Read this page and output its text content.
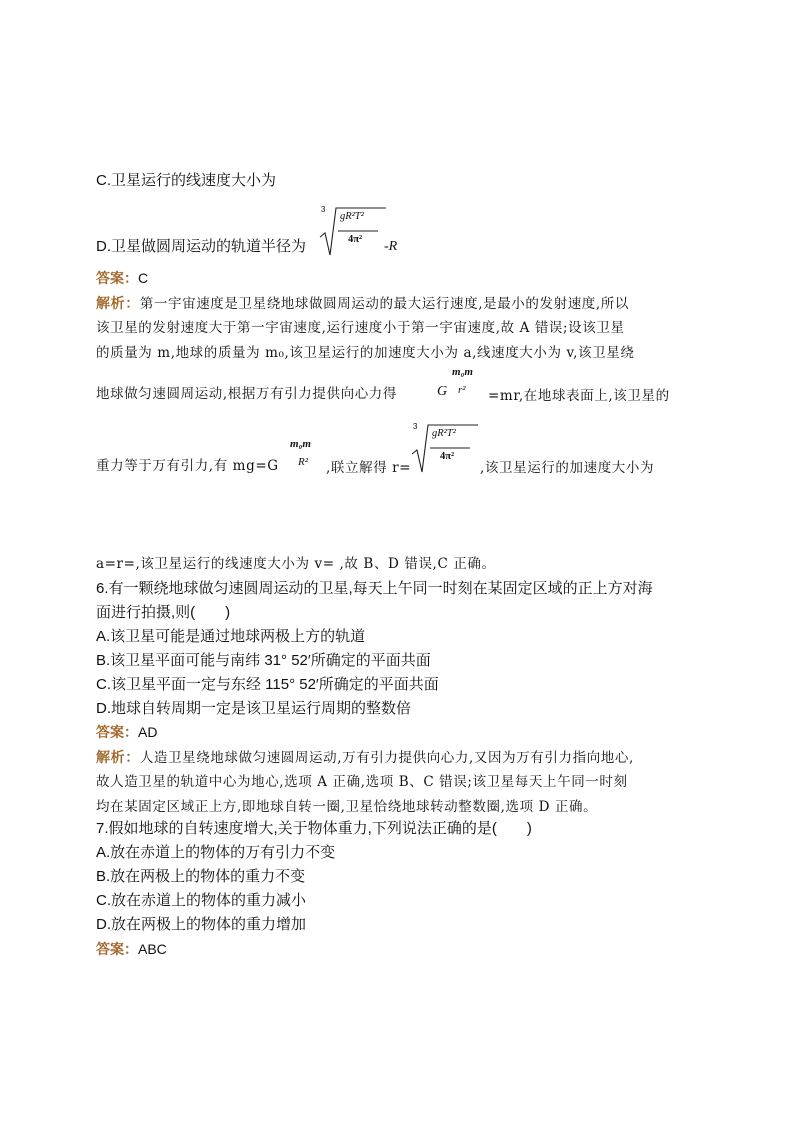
C.卫星运行的线速度大小为
D.卫星做圆周运动的轨道半径为
3
gR²T²
4π² -R
答案：C
解析：第一宇宙速度是卫星绕地球做圆周运动的最大运行速度,是最小的发射速度,所以
该卫星的发射速度大于第一宇宙速度,运行速度小于第一宇宙速度,故 A 错误;设该卫星
的质量为 m,地球的质量为 m₀,该卫星运行的加速度大小为 a,线速度大小为 v,该卫星绕
地球做匀速圆周运动,根据万有引力提供向心力得	G
m₀m
r² =mr,在地球表面上,该卫星的
重力等于万有引力,有 mg=G
m₀m
R² ,联立解得 r=
3
gR²T²
4π²
,该卫星运行的加速度大小为
a=r=,该卫星运行的线速度大小为 v= ,故 B、D 错误,C 正确。
6.有一颗绕地球做匀速圆周运动的卫星,每天上午同一时刻在某固定区域的正上方对海
面进行拍摄,则(　　)
A.该卫星可能是通过地球两极上方的轨道
B.该卫星平面可能与南纬 31° 52′所确定的平面共面
C.该卫星平面一定与东经 115° 52′所确定的平面共面
D.地球自转周期一定是该卫星运行周期的整数倍
答案：AD
解析：人造卫星绕地球做匀速圆周运动,万有引力提供向心力,又因为万有引力指向地心,
故人造卫星的轨道中心为地心,选项 A 正确,选项 B、C 错误;该卫星每天上午同一时刻
均在某固定区域正上方,即地球自转一圈,卫星恰绕地球转动整数圈,选项 D 正确。
7.假如地球的自转速度增大,关于物体重力,下列说法正确的是(　　)
A.放在赤道上的物体的万有引力不变
B.放在两极上的物体的重力不变
C.放在赤道上的物体的重力减小
D.放在两极上的物体的重力增加
答案：ABC
